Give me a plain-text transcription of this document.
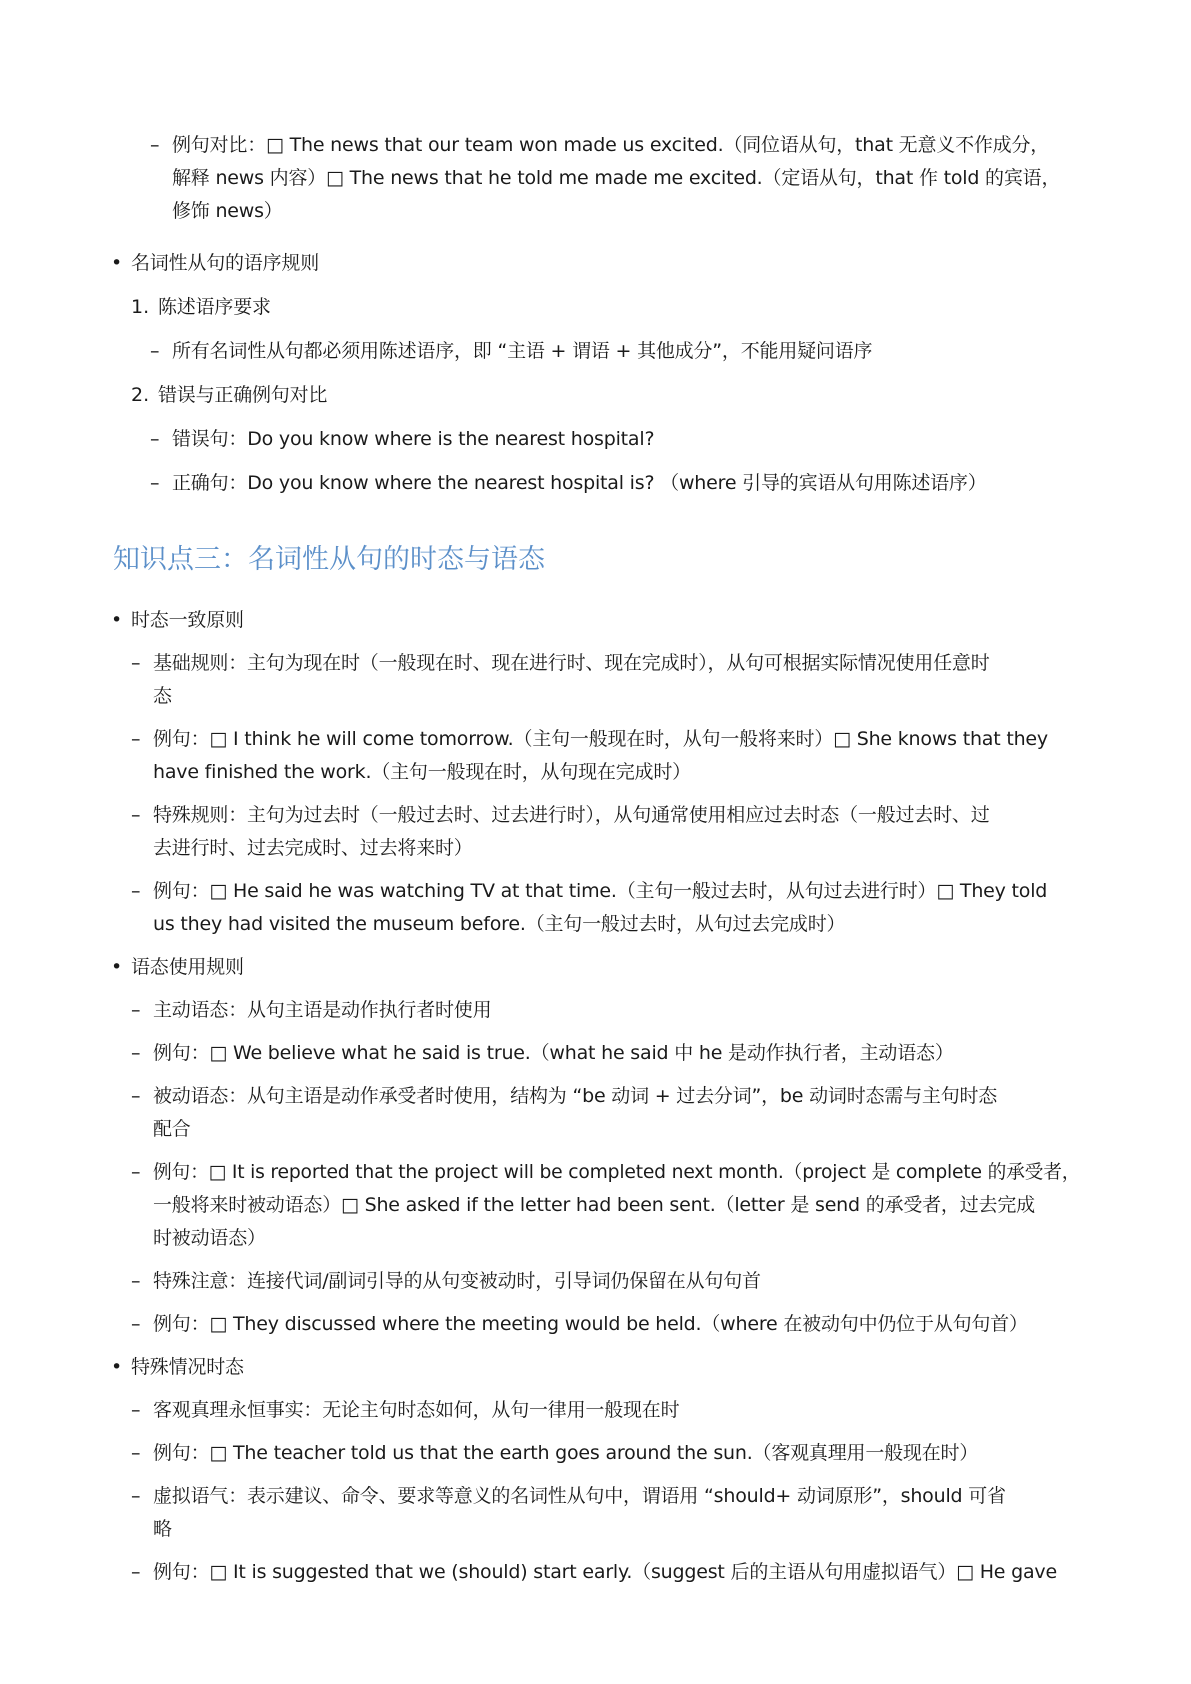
– 例句对比：□ The news that our team won made us excited.（同位语从句，that 无意义不作成分，

解释 news 内容）□ The news that he told me made me excited.（定语从句，that 作 told 的宾语，

修饰 news）

• 名词性从句的语序规则

1. 陈述语序要求

– 所有名词性从句都必须用陈述语序，即 “主语 + 谓语 + 其他成分”，不能用疑问语序

2. 错误与正确例句对比

– 错误句：Do you know where is the nearest hospital?

– 正确句：Do you know where the nearest hospital is? （where 引导的宾语从句用陈述语序）

知识点三：名词性从句的时态与语态
• 时态一致原则

– 基础规则：主句为现在时（一般现在时、现在进行时、现在完成时），从句可根据实际情况使用任意时

态

– 例句：□ I think he will come tomorrow.（主句一般现在时，从句一般将来时）□ She knows that they

have finished the work.（主句一般现在时，从句现在完成时）

– 特殊规则：主句为过去时（一般过去时、过去进行时），从句通常使用相应过去时态（一般过去时、过

去进行时、过去完成时、过去将来时）

– 例句：□ He said he was watching TV at that time.（主句一般过去时，从句过去进行时）□ They told

us they had visited the museum before.（主句一般过去时，从句过去完成时）

• 语态使用规则

– 主动语态：从句主语是动作执行者时使用

– 例句：□ We believe what he said is true.（what he said 中 he 是动作执行者，主动语态）

– 被动语态：从句主语是动作承受者时使用，结构为 “be 动词 + 过去分词”，be 动词时态需与主句时态

配合

– 例句：□ It is reported that the project will be completed next month.（project 是 complete 的承受者，

一般将来时被动语态）□ She asked if the letter had been sent.（letter 是 send 的承受者，过去完成

时被动语态）

– 特殊注意：连接代词/副词引导的从句变被动时，引导词仍保留在从句句首

– 例句：□ They discussed where the meeting would be held.（where 在被动句中仍位于从句句首）

• 特殊情况时态

– 客观真理永恒事实：无论主句时态如何，从句一律用一般现在时

– 例句：□ The teacher told us that the earth goes around the sun.（客观真理用一般现在时）

– 虚拟语气：表示建议、命令、要求等意义的名词性从句中，谓语用 “should+ 动词原形”，should 可省

略

– 例句：□ It is suggested that we (should) start early.（suggest 后的主语从句用虚拟语气）□ He gave
